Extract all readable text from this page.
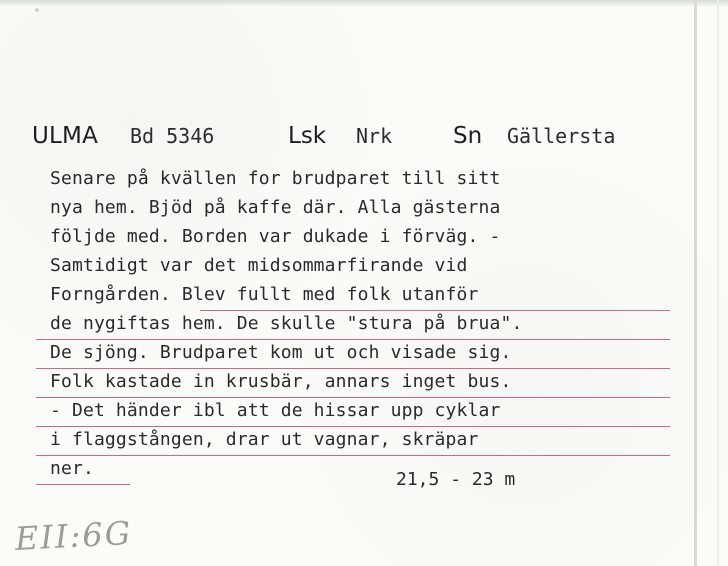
ULMA Bd 5346	Lsk Nrk	Sn Gällersta
Senare på kvällen for brudparet till sitt
nya hem. Bjöd på kaffe där. Alla gästerna
följde med. Borden var dukade i förväg. -
Samtidigt var det midsommarfirande vid
Forngården. Blev fullt med folk utanför
de nygiftas hem. De skulle "stura på brua".
De sjöng. Brudparet kom ut och visade sig.
Folk kastade in krusbär, annars inget bus.
- Det händer ibl att de hissar upp cyklar
i flaggstången, drar ut vagnar, skräpar
ner.
21,5 - 23 m
EII:6G
